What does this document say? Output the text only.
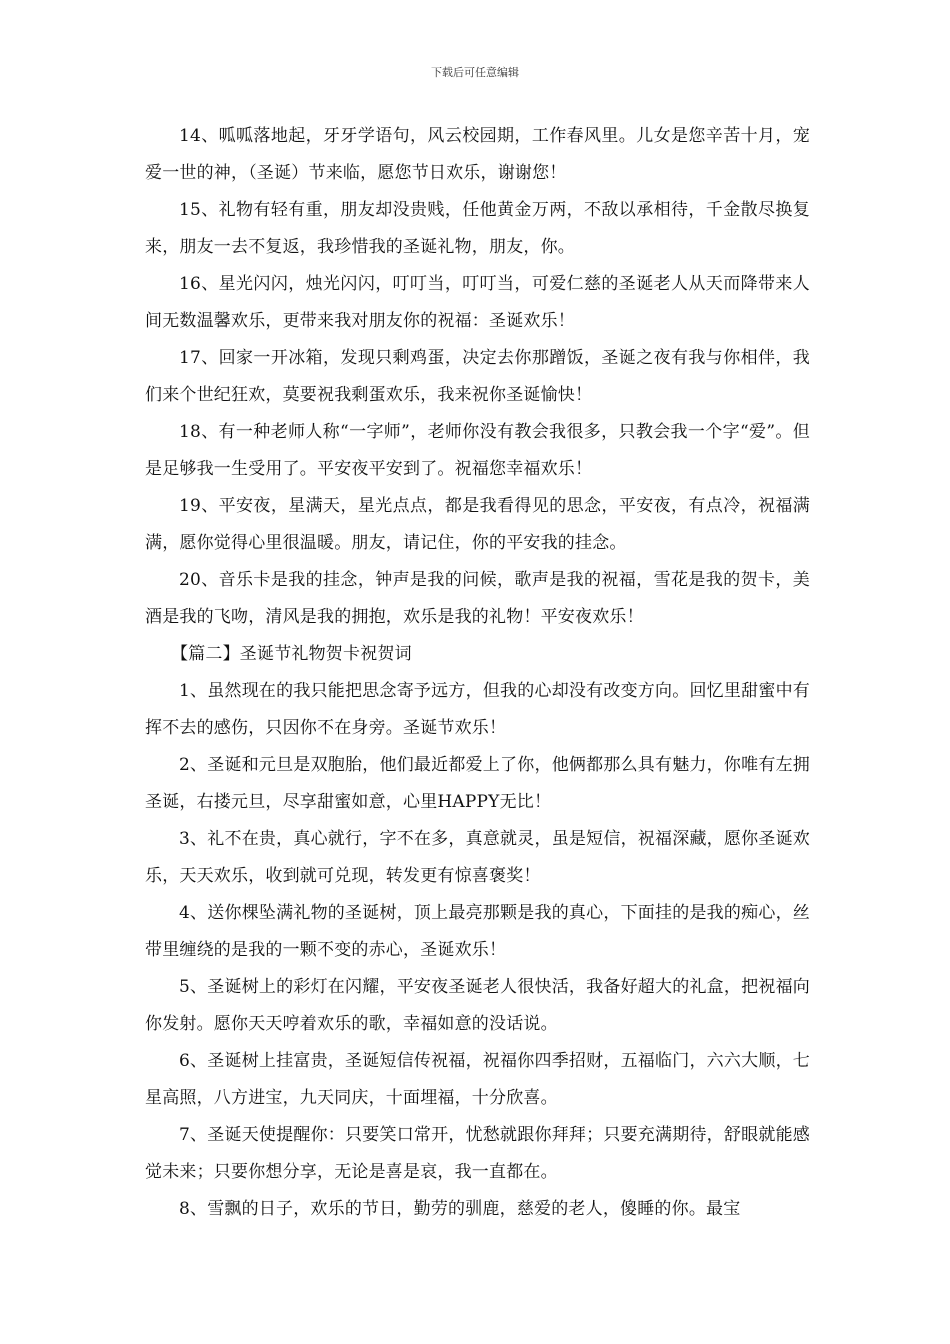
下载后可任意编辑

14、呱呱落地起，牙牙学语句，风云校园期，工作春风里。儿女是您辛苦十月，宠爱一世的神，（圣诞）节来临，愿您节日欢乐，谢谢您！

15、礼物有轻有重，朋友却没贵贱，任他黄金万两，不敌以承相待，千金散尽换复来，朋友一去不复返，我珍惜我的圣诞礼物，朋友，你。

16、星光闪闪，烛光闪闪，叮叮当，叮叮当，可爱仁慈的圣诞老人从天而降带来人间无数温馨欢乐，更带来我对朋友你的祝福：圣诞欢乐！

17、回家一开冰箱，发现只剩鸡蛋，决定去你那蹭饭，圣诞之夜有我与你相伴，我们来个世纪狂欢，莫要祝我剩蛋欢乐，我来祝你圣诞愉快！

18、有一种老师人称“一字师”，老师你没有教会我很多，只教会我一个字“爱”。但是足够我一生受用了。平安夜平安到了。祝福您幸福欢乐！

19、平安夜，星满天，星光点点，都是我看得见的思念，平安夜，有点冷，祝福满满，愿你觉得心里很温暖。朋友，请记住，你的平安我的挂念。

20、音乐卡是我的挂念，钟声是我的问候，歌声是我的祝福，雪花是我的贺卡，美酒是我的飞吻，清风是我的拥抱，欢乐是我的礼物！平安夜欢乐！

【篇二】圣诞节礼物贺卡祝贺词

1、虽然现在的我只能把思念寄予远方，但我的心却没有改变方向。回忆里甜蜜中有挥不去的感伤，只因你不在身旁。圣诞节欢乐！

2、圣诞和元旦是双胞胎，他们最近都爱上了你，他俩都那么具有魅力，你唯有左拥圣诞，右搂元旦，尽享甜蜜如意，心里HAPPY无比！

3、礼不在贵，真心就行，字不在多，真意就灵，虽是短信，祝福深藏，愿你圣诞欢乐，天天欢乐，收到就可兑现，转发更有惊喜褒奖！

4、送你棵坠满礼物的圣诞树，顶上最亮那颗是我的真心，下面挂的是我的痴心，丝带里缠绕的是我的一颗不变的赤心，圣诞欢乐！

5、圣诞树上的彩灯在闪耀，平安夜圣诞老人很快活，我备好超大的礼盒，把祝福向你发射。愿你天天哼着欢乐的歌，幸福如意的没话说。

6、圣诞树上挂富贵，圣诞短信传祝福，祝福你四季招财，五福临门，六六大顺，七星高照，八方进宝，九天同庆，十面埋福，十分欣喜。

7、圣诞天使提醒你：只要笑口常开，忧愁就跟你拜拜；只要充满期待，舒眼就能感觉未来；只要你想分享，无论是喜是哀，我一直都在。

8、雪飘的日子，欢乐的节日，勤劳的驯鹿，慈爱的老人，傻睡的你。最宝
